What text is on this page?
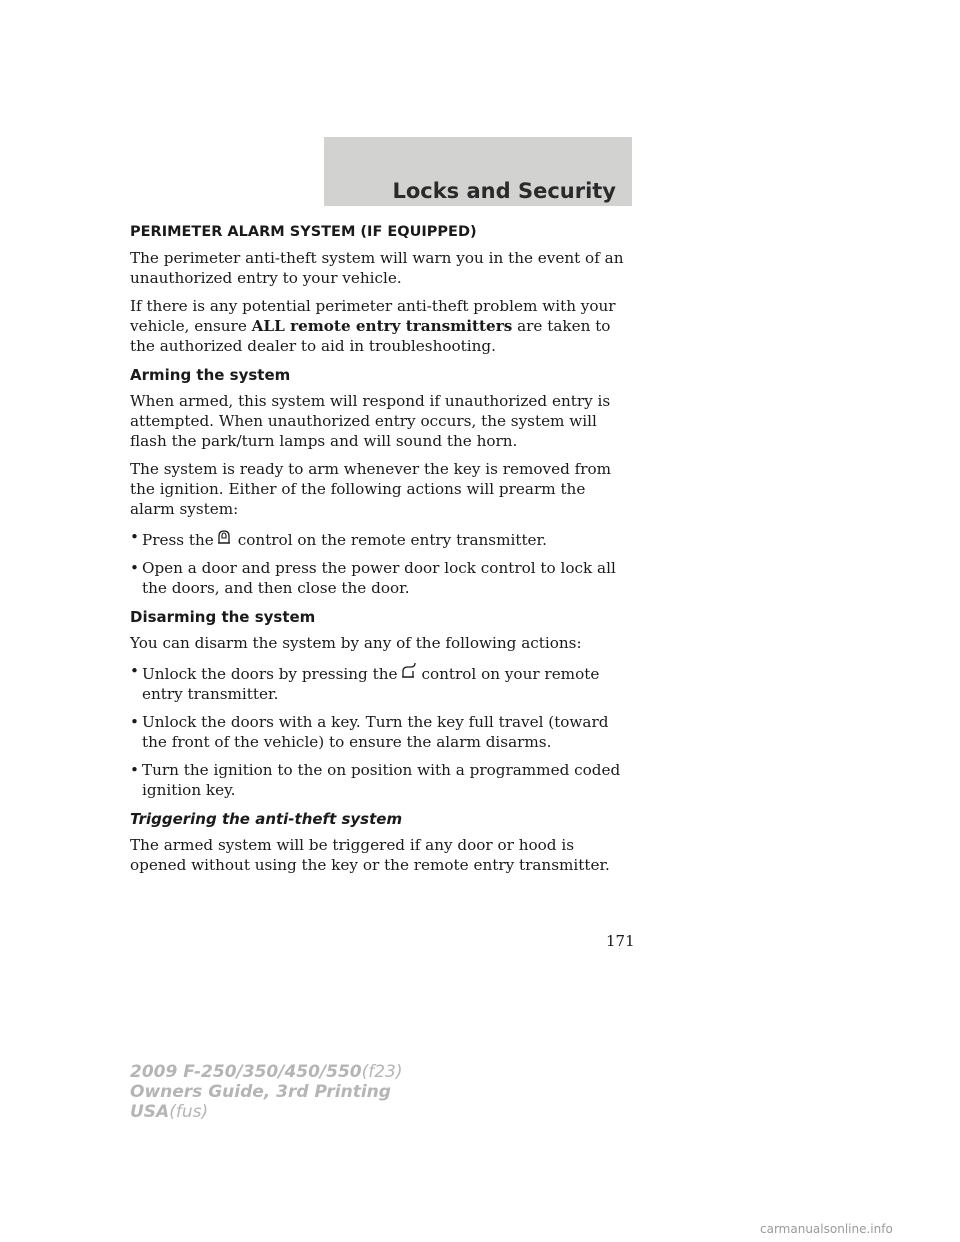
Locks and Security
PERIMETER ALARM SYSTEM (IF EQUIPPED)

The perimeter anti-theft system will warn you in the event of an unauthorized entry to your vehicle.

If there is any potential perimeter anti-theft problem with your vehicle, ensure ALL remote entry transmitters are taken to the authorized dealer to aid in troubleshooting.

Arming the system

When armed, this system will respond if unauthorized entry is attempted. When unauthorized entry occurs, the system will flash the park/turn lamps and will sound the horn.

The system is ready to arm whenever the key is removed from the ignition. Either of the following actions will prearm the alarm system:

• Press the control on the remote entry transmitter.
• Open a door and press the power door lock control to lock all the doors, and then close the door.
Disarming the system

You can disarm the system by any of the following actions:

• Unlock the doors by pressing the control on your remote entry transmitter.
• Unlock the doors with a key. Turn the key full travel (toward the front of the vehicle) to ensure the alarm disarms.
• Turn the ignition to the on position with a programmed coded ignition key.
Triggering the anti-theft system

The armed system will be triggered if any door or hood is opened without using the key or the remote entry transmitter.

171
2009 F-250/350/450/550(f23)
Owners Guide, 3rd Printing
USA(fus)
carmanualsonline.info
